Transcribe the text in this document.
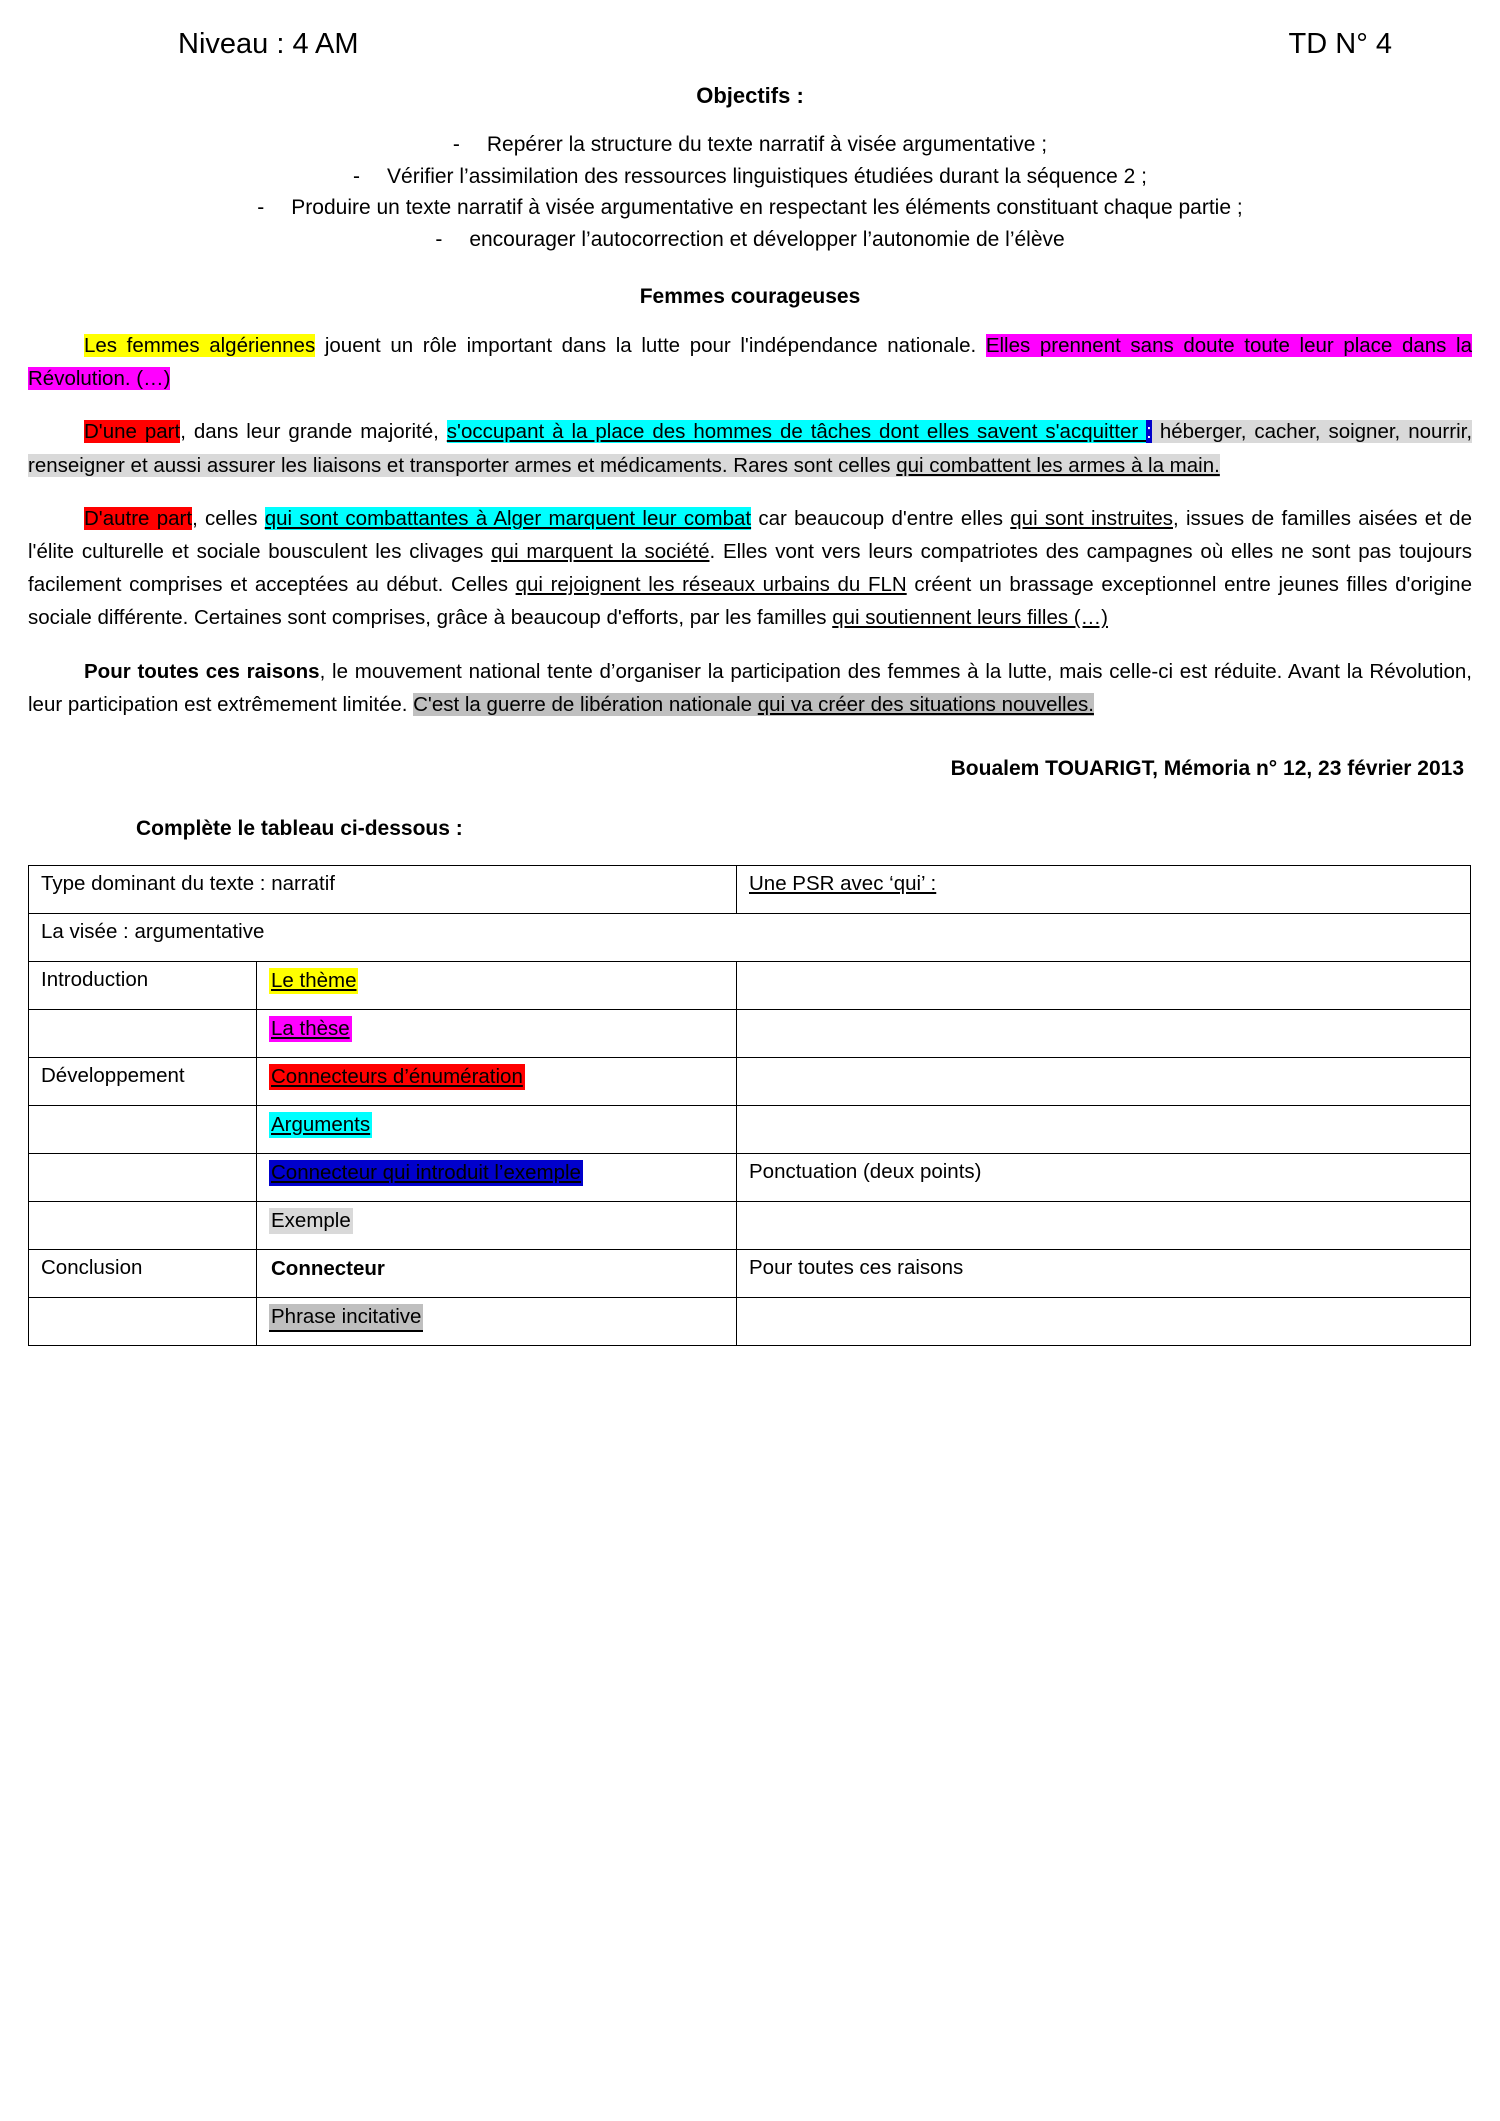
Niveau : 4 AM	TD N° 4
Objectifs :
- Repérer la structure du texte narratif à visée argumentative ;
- Vérifier l’assimilation des ressources linguistiques étudiées durant la séquence 2 ;
- Produire un texte narratif à visée argumentative en respectant les éléments constituant chaque partie ;
- encourager l’autocorrection et développer l’autonomie de l’élève
Femmes courageuses
Les femmes algériennes jouent un rôle important dans la lutte pour l'indépendance nationale. Elles prennent sans doute toute leur place dans la Révolution. (…)
D'une part, dans leur grande majorité, s'occupant à la place des hommes de tâches dont elles savent s'acquitter : héberger, cacher, soigner, nourrir, renseigner et aussi assurer les liaisons et transporter armes et médicaments. Rares sont celles qui combattent les armes à la main.
D'autre part, celles qui sont combattantes à Alger marquent leur combat car beaucoup d'entre elles qui sont instruites, issues de familles aisées et de l'élite culturelle et sociale bousculent les clivages qui marquent la société. Elles vont vers leurs compatriotes des campagnes où elles ne sont pas toujours facilement comprises et acceptées au début. Celles qui rejoignent les réseaux urbains du FLN créent un brassage exceptionnel entre jeunes filles d'origine sociale différente. Certaines sont comprises, grâce à beaucoup d'efforts, par les familles qui soutiennent leurs filles (…)
Pour toutes ces raisons, le mouvement national tente d’organiser la participation des femmes à la lutte, mais celle-ci est réduite. Avant la Révolution, leur participation est extrêmement limitée. C'est la guerre de libération nationale qui va créer des situations nouvelles.
Boualem TOUARIGT, Mémoria n° 12, 23 février 2013
Complète le tableau ci-dessous :
Type dominant du texte : narratif		Une PSR avec ‘qui’ :
La visée : argumentative		
Introduction	Le thème	
	La thèse	
Développement	Connecteurs d’énumération	
	Arguments	
	Connecteur qui introduit l’exemple	Ponctuation (deux points)
	Exemple	
Conclusion	Connecteur	Pour toutes ces raisons
	Phrase incitative	
